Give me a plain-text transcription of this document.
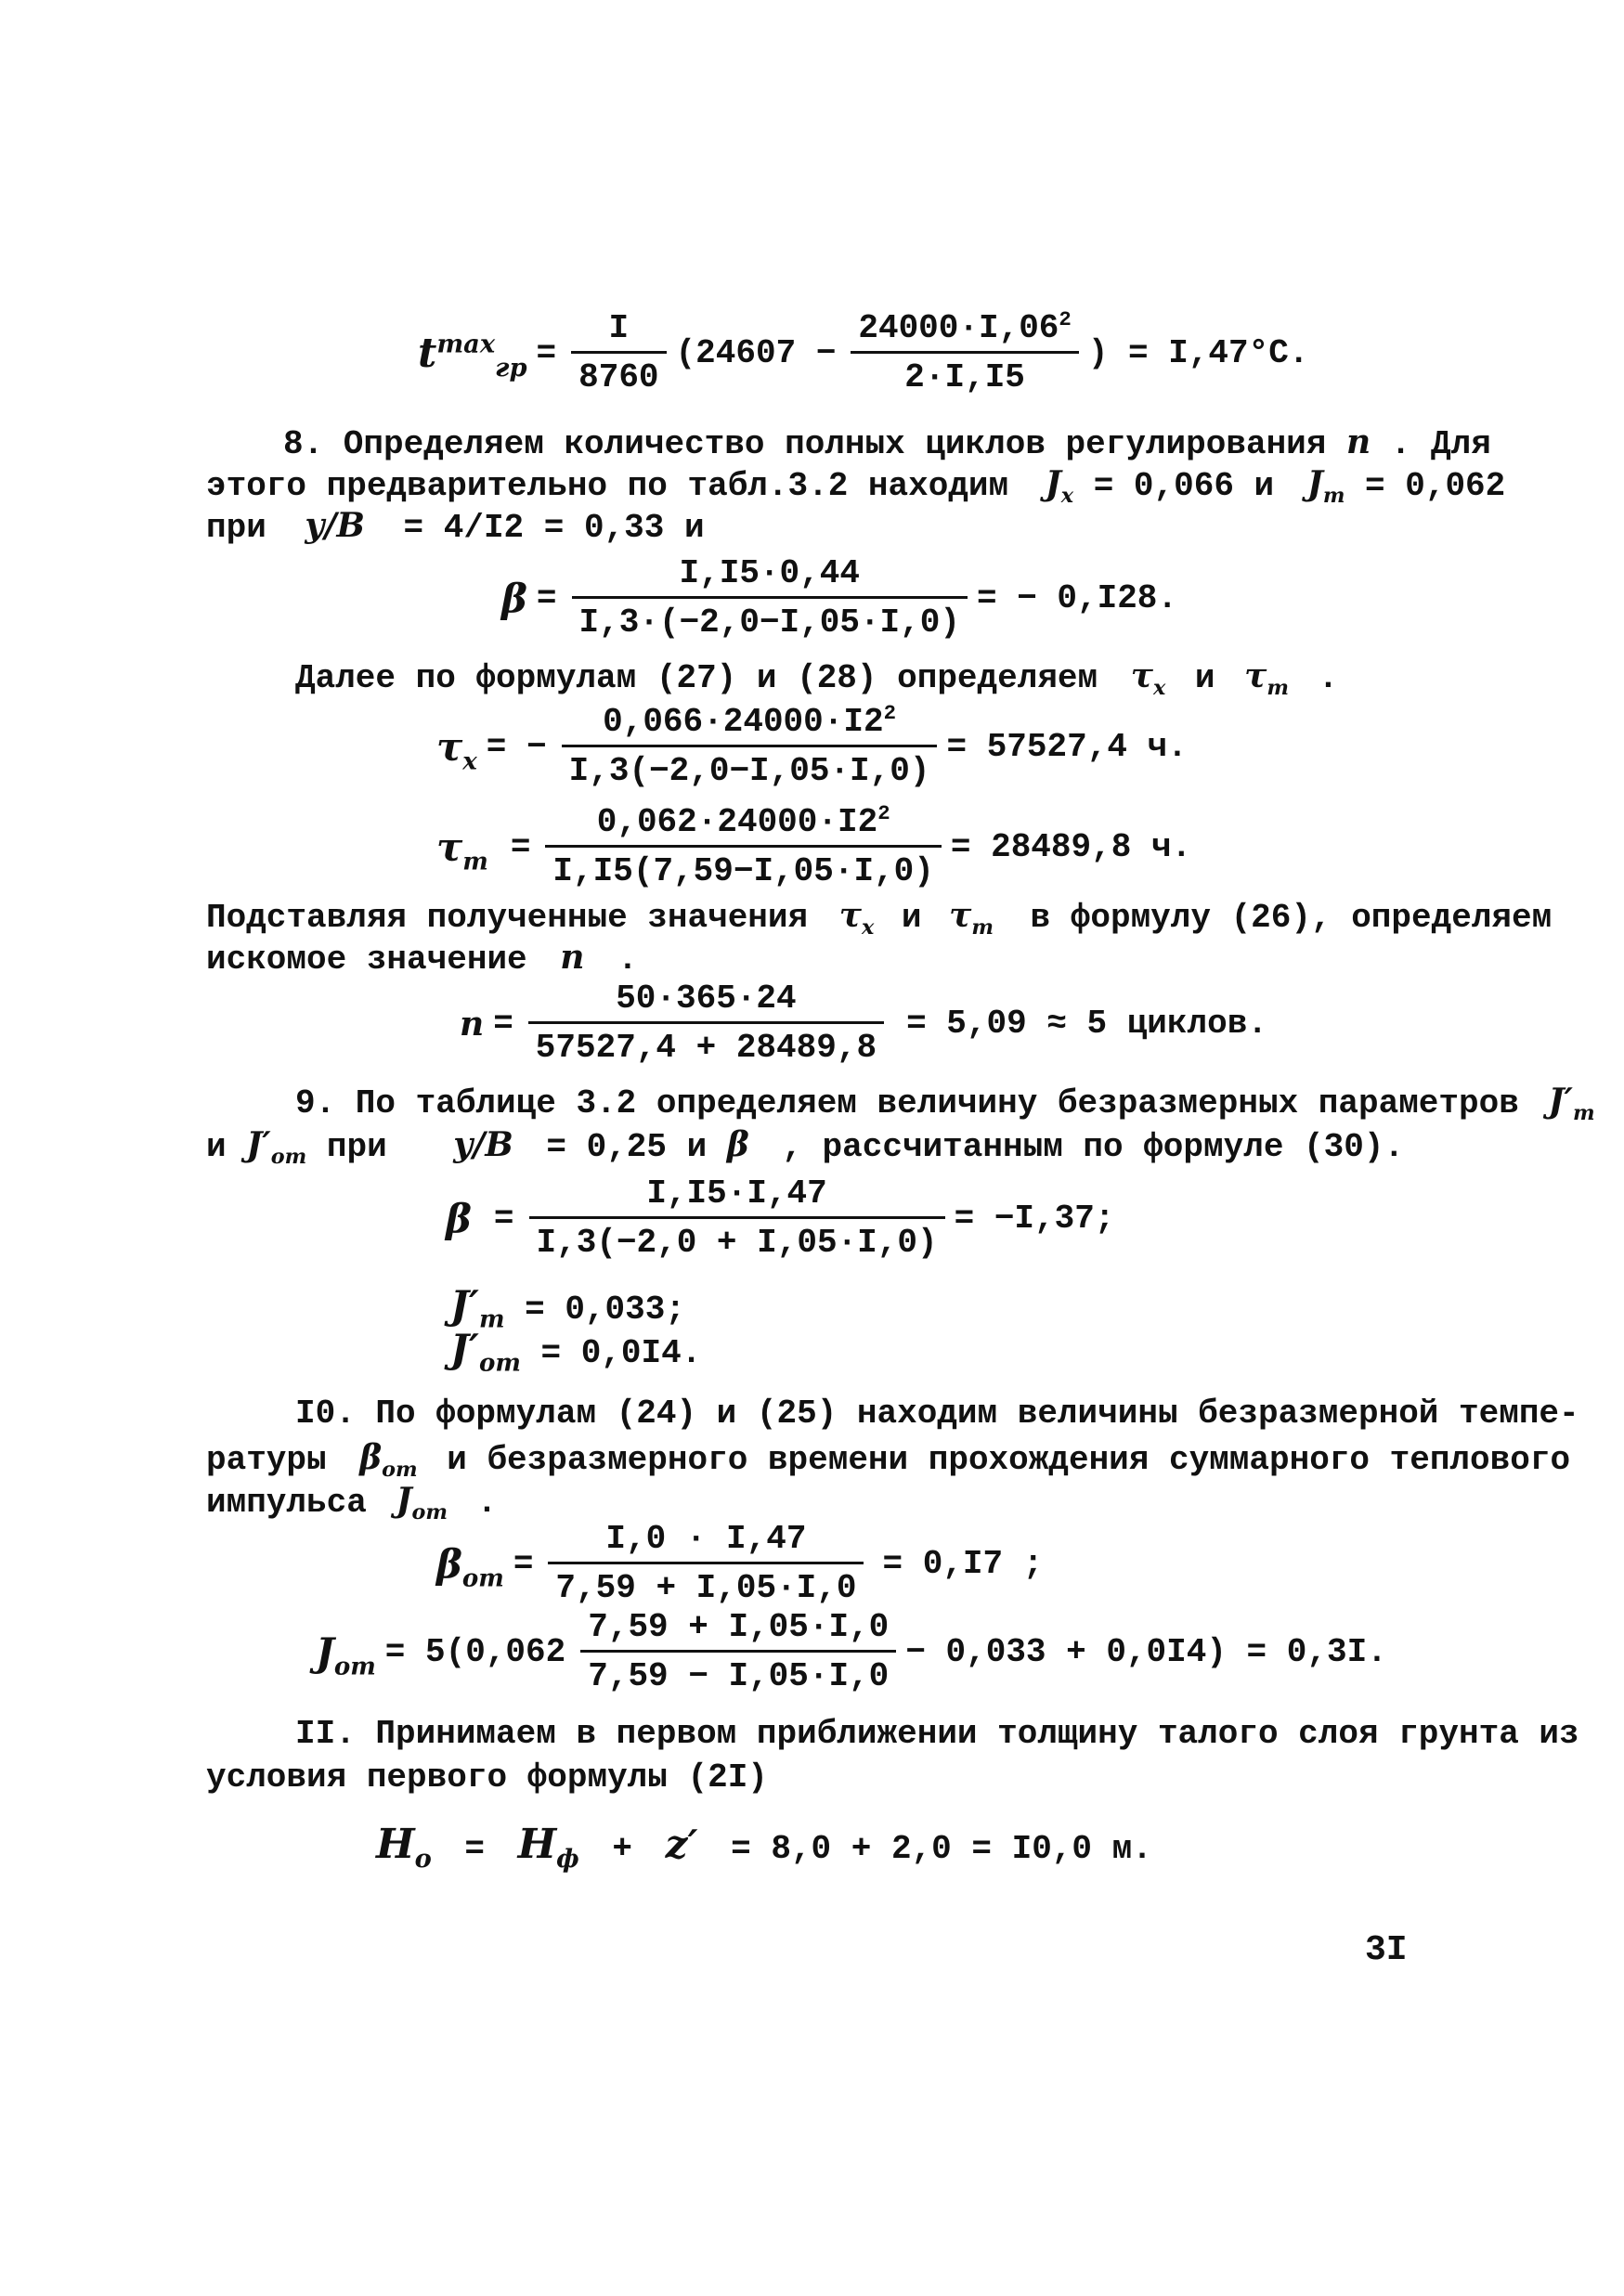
$t^{max}_{гр} = \frac{I}{8760} (24607 - \frac{24000\cdot I,06^2}{2\cdot I,I5}$ ) = I,47°С.
8. Определяем количество полных циклов регулирования n . Для
этого предварительно по табл.3.2 находим $Ј_x = 0,066$ и $Ј_т = 0,062$
при y/B = 4/I2 = 0,33 и
$\beta = \frac{I,I5\cdot 0,44}{I,3\cdot(-2,0-I,05\cdot I,0)}$ = − 0,I28.
Далее по формулам (27) и (28) определяем $\tau_x$ и $\tau_т$ .
$\tau_x$ = − $\frac{0,066\cdot 24000\cdot I2^2}{I,3(-2,0-I,05\cdot I,0)} = 57527,4$ ч.
$\tau_т = \frac{0,062\cdot 24000\cdot I2^2}{I,I5(7,59-I,05\cdot I,0)} = 28489,8$ ч.
Подставляя полученные значения $\tau_x$ и $\tau_т$ в формулу (26), определяем
искомое значение n .
$n = \frac{50\cdot 365\cdot 24}{57527,4 + 28489,8} = 5,09 \approx 5$ циклов.
9. По таблице 3.2 определяем величину безразмерных параметров $Ј'_т$
и $Ј'_{от}$ при y/B = 0,25 и β , рассчитанным по формуле (30).
$\beta = \frac{I,I5\cdot I,47}{I,3(-2,0 + I,05\cdot I,0)} = -I,37$;
$Ј'_т = 0,033$;
$Ј'_{от} = 0,0I4$.
I0. По формулам (24) и (25) находим величины безразмерной темпе-
ратуры $\beta_{от}$ и безразмерного времени прохождения суммарного теплового
импульса $Ј_{от}$ .
$\beta_{от} = \frac{I,0 \cdot I,47}{7,59 + I,05\cdot I,0} = 0,I7$ ;
$Ј_{от} = 5(0,062 \frac{7,59 + I,05\cdot I,0}{7,59 - I,05\cdot I,0} - 0,033 + 0,0I4) = 0,3I$.
II. Принимаем в первом приближении толщину талого слоя грунта из
условия первого формулы (2I)
$H_o = H_ф + z' = 8,0 + 2,0 = I0,0$ м.
3I
